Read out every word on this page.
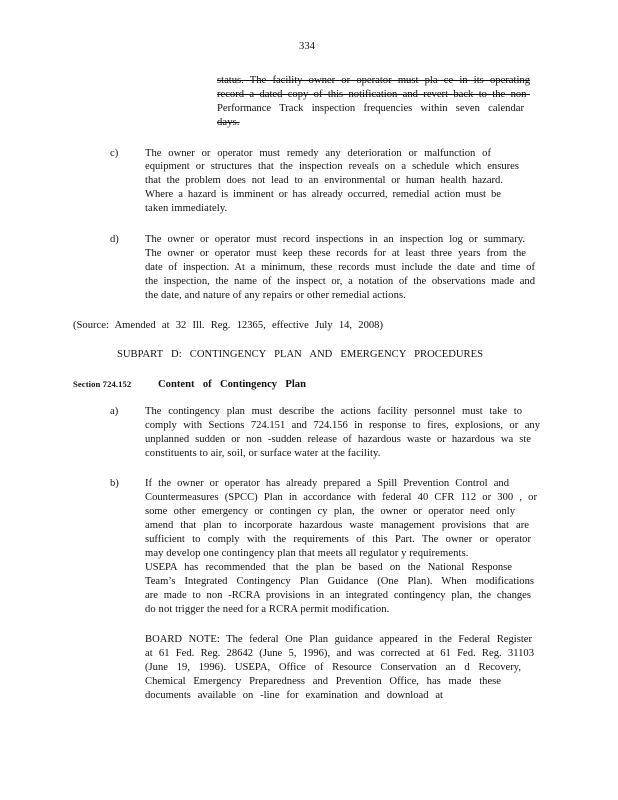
334
status. The facility owner or operator must pla ce in its operating
record a dated copy of this notification and revert back to the non-
Performance Track inspection frequencies within seven calendar
days.
c)	The owner or operator must remedy any deterioration or malfunction of
equipment or structures that the inspection reveals on a schedule which ensures
that the problem does not lead to an environmental or human health hazard.
Where a hazard is imminent or has already occurred, remedial action must be
taken immediately.
d) The owner or operator must record inspections in an inspection log or summary.
The owner or operator must keep these records for at least three years from the
date of inspection. At a minimum, these records must include the date and time of
the inspection, the name of the inspect or, a notation of the observations made and
the date, and nature of any repairs or other remedial actions.
(Source: Amended at 32 Ill. Reg. 12365, effective July 14, 2008)
SUBPART D: CONTINGENCY PLAN AND EMERGENCY PROCEDURES
Section 724.152	Content of Contingency Plan
a)	The contingency plan must describe the actions facility personnel must take to
comply with Sections 724.151 and 724.156 in response to fires, explosions, or any
unplanned sudden or non -sudden release of hazardous waste or hazardous wa ste
constituents to air, soil, or surface water at the facility.
b) If the owner or operator has already prepared a Spill Prevention Control and
Countermeasures (SPCC) Plan in accordance with federal 40 CFR 112 or 300 , or
some other emergency or contingen cy plan, the owner or operator need only
amend that plan to incorporate hazardous waste management provisions that are
sufficient to comply with the requirements of this Part. The owner or operator
may develop one contingency plan that meets all regulator y requirements.
USEPA has recommended that the plan be based on the National Response
Team’s Integrated Contingency Plan Guidance (One Plan). When modifications
are made to non -RCRA provisions in an integrated contingency plan, the changes
do not trigger the need for a RCRA permit modification.
BOARD NOTE: The federal One Plan guidance appeared in the Federal Register
at 61 Fed. Reg. 28642 (June 5, 1996), and was corrected at 61 Fed. Reg. 31103
(June 19, 1996). USEPA, Office of Resource Conservation an d Recovery,
Chemical Emergency Preparedness and Prevention Office, has made these
documents available on -line for examination and download at
